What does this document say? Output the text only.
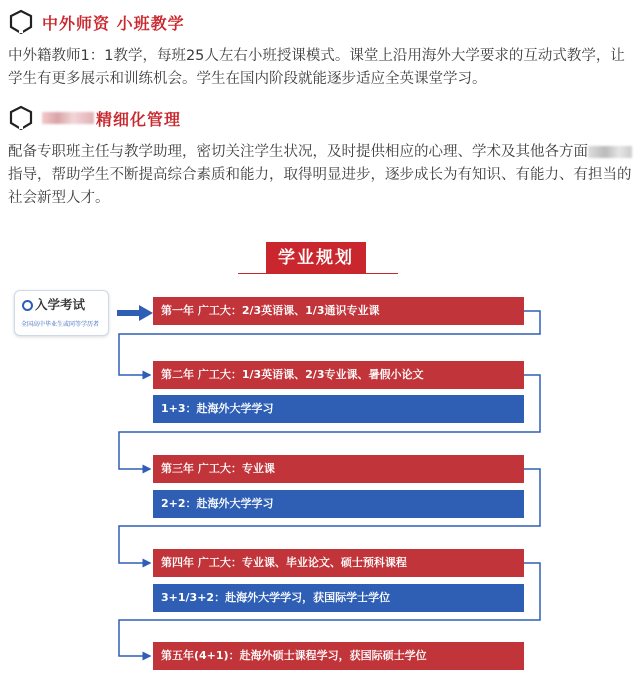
中外师资 小班教学
中外籍教师1：1教学，每班25人左右小班授课模式。课堂上沿用海外大学要求的互动式教学，让学生有更多展示和训练机会。学生在国内阶段就能逐步适应全英课堂学习。
精细化管理
配备专职班主任与教学助理，密切关注学生状况，及时提供相应的心理、学术及其他各方面指导，帮助学生不断提高综合素质和能力，取得明显进步，逐步成长为有知识、有能力、有担当的社会新型人才。
学业规划
入学考试
全国高中毕业生或同等学历者
第一年 广工大：2/3英语课、1/3通识专业课
第二年 广工大：1/3英语课、2/3专业课、暑假小论文
1+3：赴海外大学学习
第三年 广工大：专业课
2+2：赴海外大学学习
第四年 广工大：专业课、毕业论文、硕士预科课程
3+1/3+2：赴海外大学学习，获国际学士学位
第五年(4+1)：赴海外硕士课程学习，获国际硕士学位
